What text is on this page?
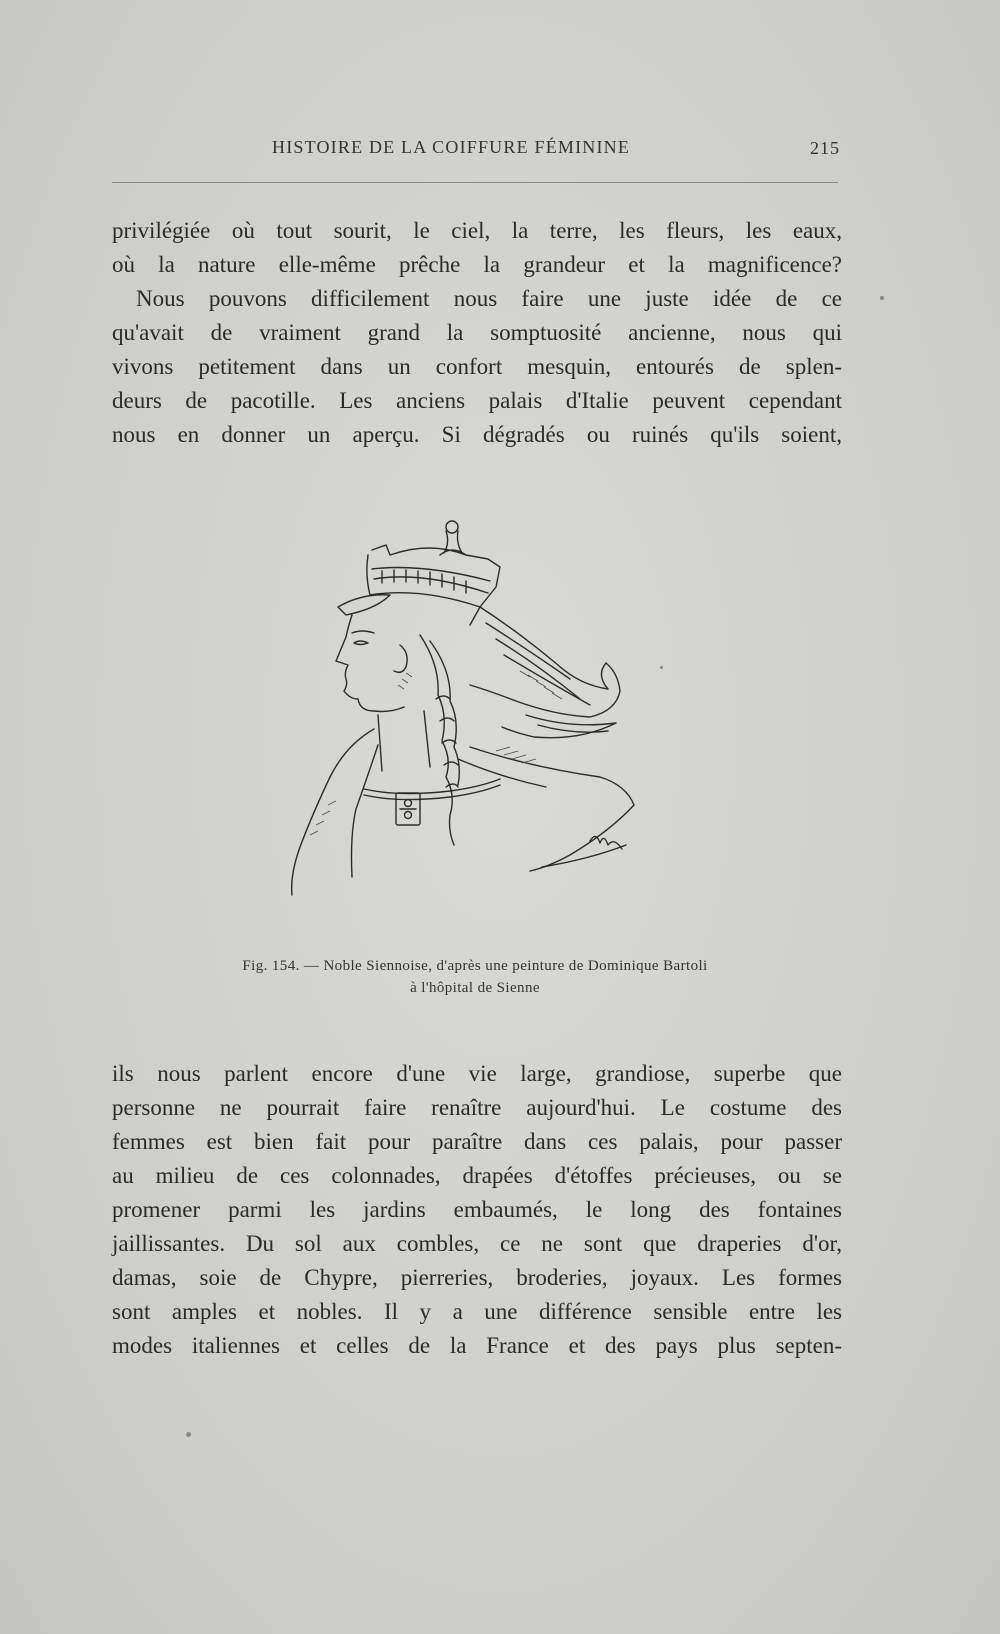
HISTOIRE DE LA COIFFURE FÉMININE	215
privilégiée où tout sourit, le ciel, la terre, les fleurs, les eaux,
où la nature elle-même prêche la grandeur et la magnificence?
Nous pouvons difficilement nous faire une juste idée de ce
qu'avait de vraiment grand la somptuosité ancienne, nous qui
vivons petitement dans un confort mesquin, entourés de splen-
deurs de pacotille. Les anciens palais d'Italie peuvent cependant
nous en donner un aperçu. Si dégradés ou ruinés qu'ils soient,
Fig. 154. — Noble Siennoise, d'après une peinture de Dominique Bartoli
à l'hôpital de Sienne
ils nous parlent encore d'une vie large, grandiose, superbe que
personne ne pourrait faire renaître aujourd'hui. Le costume des
femmes est bien fait pour paraître dans ces palais, pour passer
au milieu de ces colonnades, drapées d'étoffes précieuses, ou se
promener parmi les jardins embaumés, le long des fontaines
jaillissantes. Du sol aux combles, ce ne sont que draperies d'or,
damas, soie de Chypre, pierreries, broderies, joyaux. Les formes
sont amples et nobles. Il y a une différence sensible entre les
modes italiennes et celles de la France et des pays plus septen-
